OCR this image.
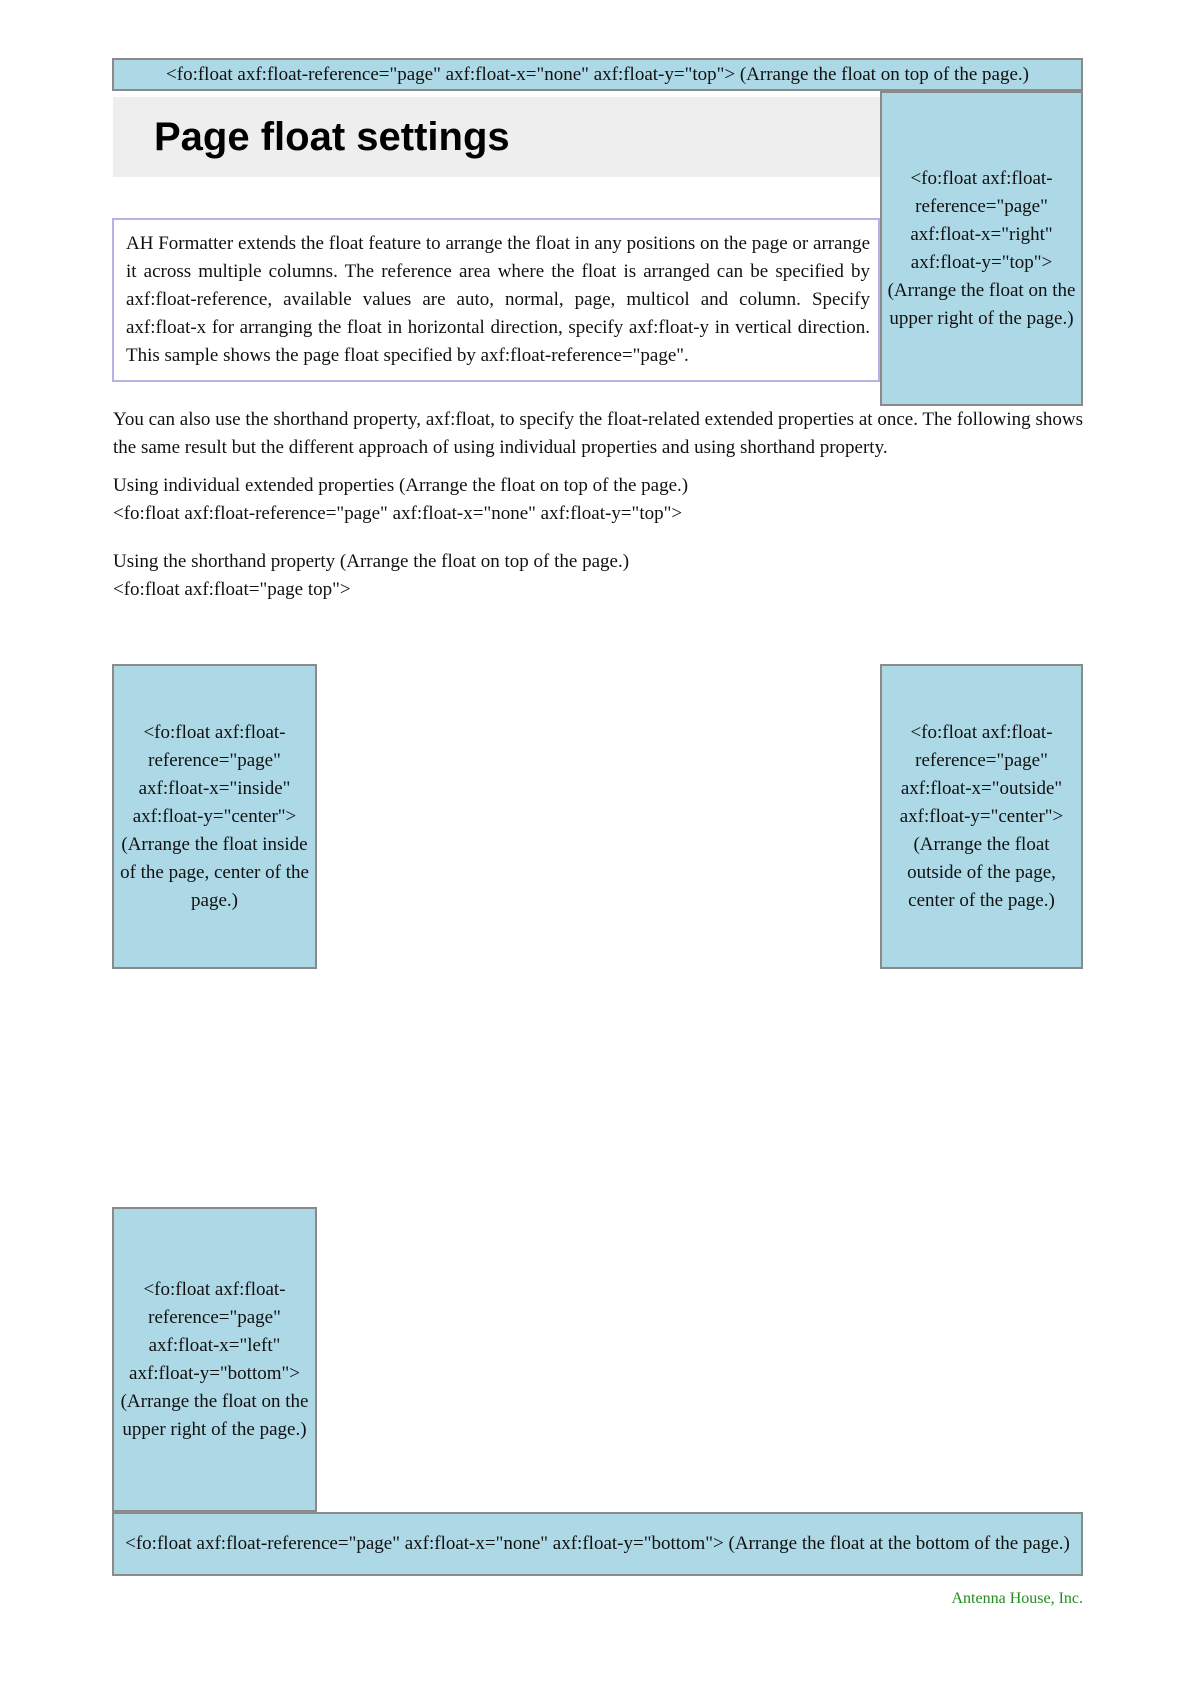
<fo:float axf:float-reference="page" axf:float-x="none" axf:float-y="top"> (Arrange the float on top of the page.)
Page float settings
<fo:float axf:float-reference="page" axf:float-x="right" axf:float-y="top"> (Arrange the float on the upper right of the page.)
AH Formatter extends the float feature to arrange the float in any positions on the page or arrange it across multiple columns. The reference area where the float is arranged can be specified by axf:float-reference, available values are auto, normal, page, multicol and column. Specify axf:float-x for arranging the float in horizontal direction, specify axf:float-y in vertical direction. This sample shows the page float specified by axf:float-reference="page".

You can also use the shorthand property, axf:float, to specify the float-related extended properties at once. The following shows the same result but the different approach of using individual properties and using shorthand property.

Using individual extended properties (Arrange the float on top of the page.)
<fo:float axf:float-reference="page" axf:float-x="none" axf:float-y="top">
Using the shorthand property (Arrange the float on top of the page.)
<fo:float axf:float="page top">
<fo:float axf:float-reference="page" axf:float-x="inside" axf:float-y="center"> (Arrange the float inside of the page, center of the page.)
<fo:float axf:float-reference="page" axf:float-x="outside" axf:float-y="center"> (Arrange the float outside of the page, center of the page.)
<fo:float axf:float-reference="page" axf:float-x="left" axf:float-y="bottom"> (Arrange the float on the upper right of the page.)
<fo:float axf:float-reference="page" axf:float-x="none" axf:float-y="bottom"> (Arrange the float at the bottom of the page.)
Antenna House, Inc.
